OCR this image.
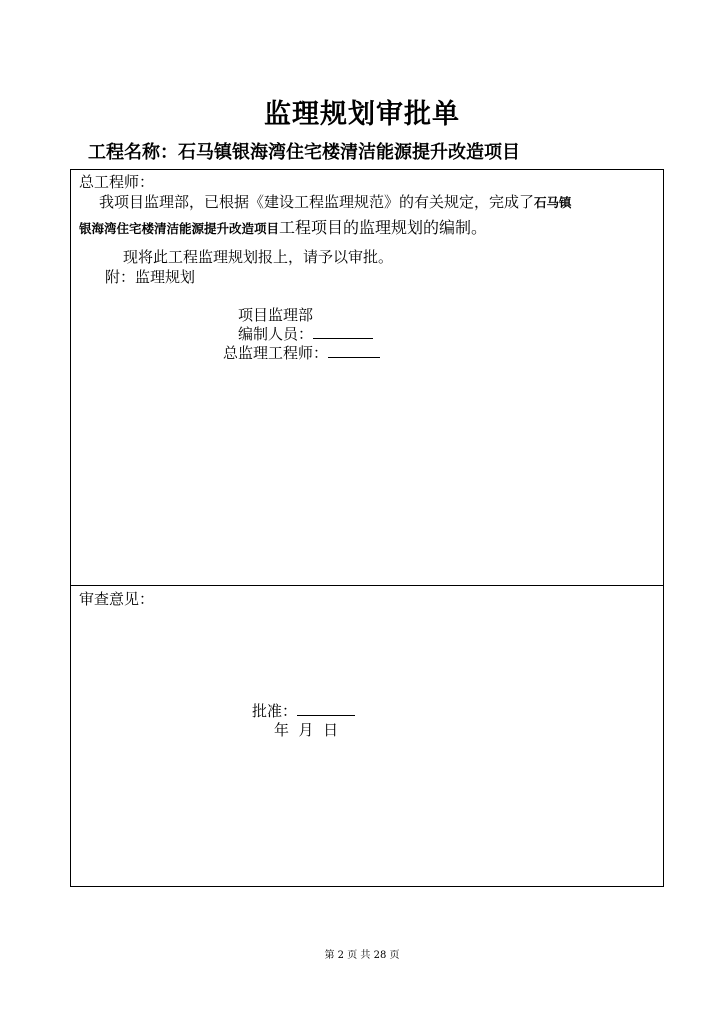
监理规划审批单
工程名称：石马镇银海湾住宅楼清洁能源提升改造项目
总工程师：
我项目监理部，已根据《建设工程监理规范》的有关规定，完成了石马镇
银海湾住宅楼清洁能源提升改造项目工程项目的监理规划的编制。
现将此工程监理规划报上，请予以审批。
附：监理规划
项目监理部
编制人员：
总监理工程师：
审查意见：
批准：
年  月  日
第 2 页 共 28 页
